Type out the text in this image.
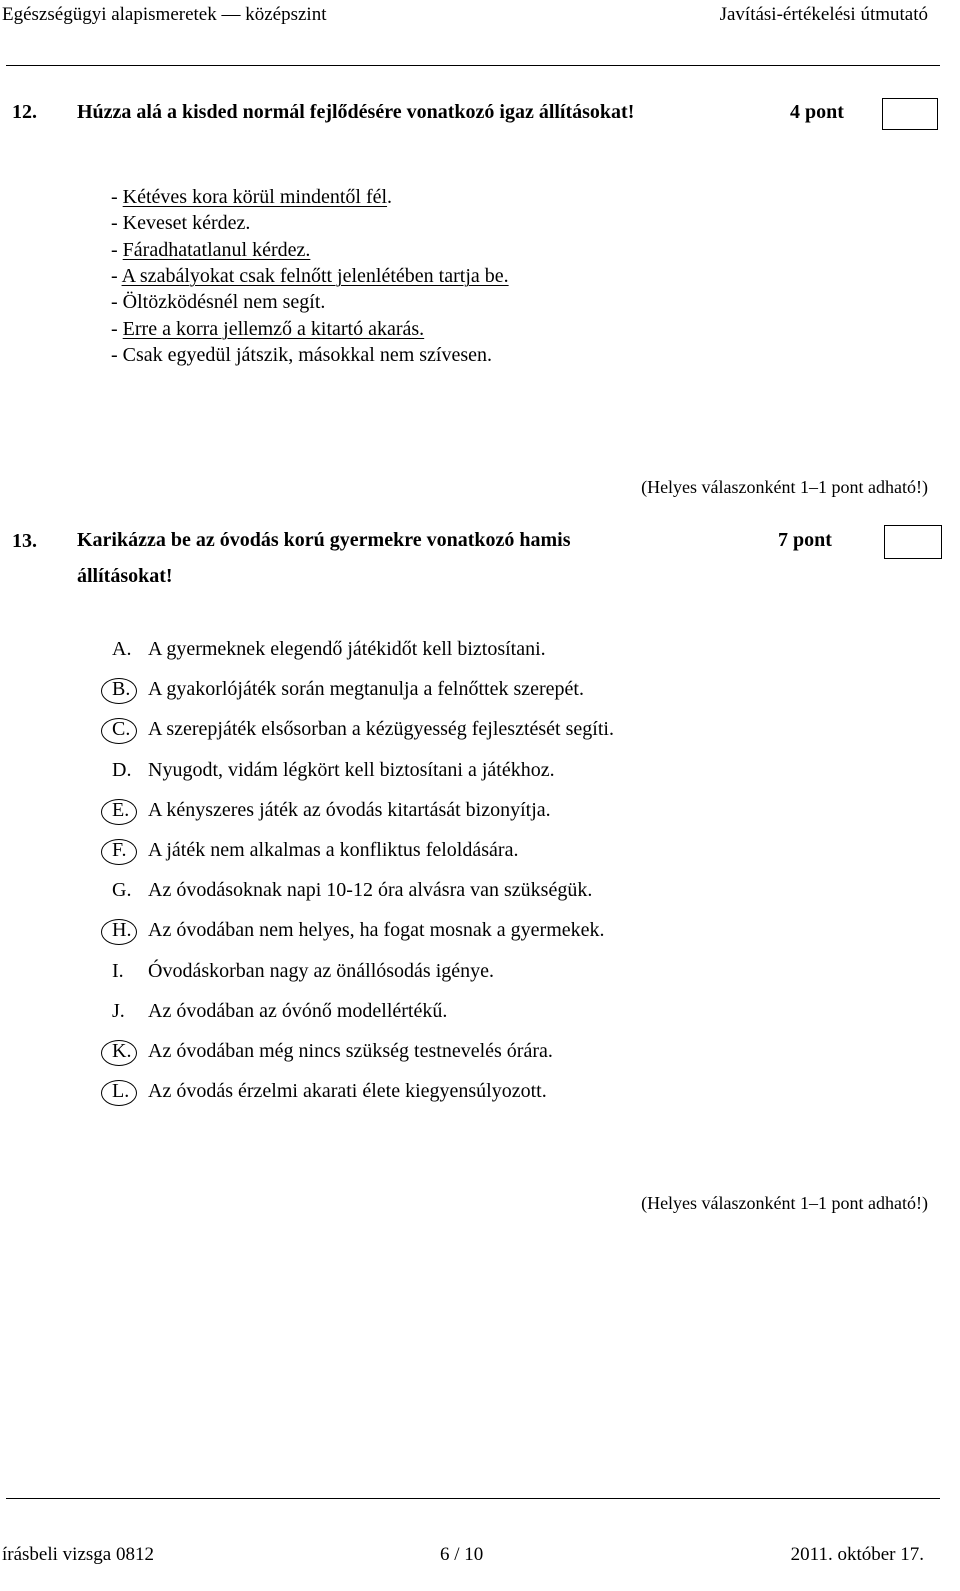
Egészségügyi alapismeretek — középszint	Javítási-értékelési útmutató
12. Húzza alá a kisded normál fejlődésére vonatkozó igaz állításokat!	4 pont
- Kétéves kora körül mindentől fél.
- Keveset kérdez.
- Fáradhatatlanul kérdez.
- A szabályokat csak felnőtt jelenlétében tartja be.
- Öltözködésnél nem segít.
- Erre a korra jellemző a kitartó akarás.
- Csak egyedül játszik, másokkal nem szívesen.
(Helyes válaszonként 1–1 pont adható!)
13. Karikázza be az óvodás korú gyermekre vonatkozó hamis
állításokat!
7 pont
A. A gyermeknek elegendő játékidőt kell biztosítani.
B. A gyakorlójáték során megtanulja a felnőttek szerepét.
C. A szerepjáték elsősorban a kézügyesség fejlesztését segíti.
D. Nyugodt, vidám légkört kell biztosítani a játékhoz.
E. A kényszeres játék az óvodás kitartását bizonyítja.
F. A játék nem alkalmas a konfliktus feloldására.
G. Az óvodásoknak napi 10-12 óra alvásra van szükségük.
H. Az óvodában nem helyes, ha fogat mosnak a gyermekek.
I. Óvodáskorban nagy az önállósodás igénye.
J. Az óvodában az óvónő modellértékű.
K. Az óvodában még nincs szükség testnevelés órára.
L. Az óvodás érzelmi akarati élete kiegyensúlyozott.
(Helyes válaszonként 1–1 pont adható!)
írásbeli vizsga 0812	6 / 10	2011. október 17.
